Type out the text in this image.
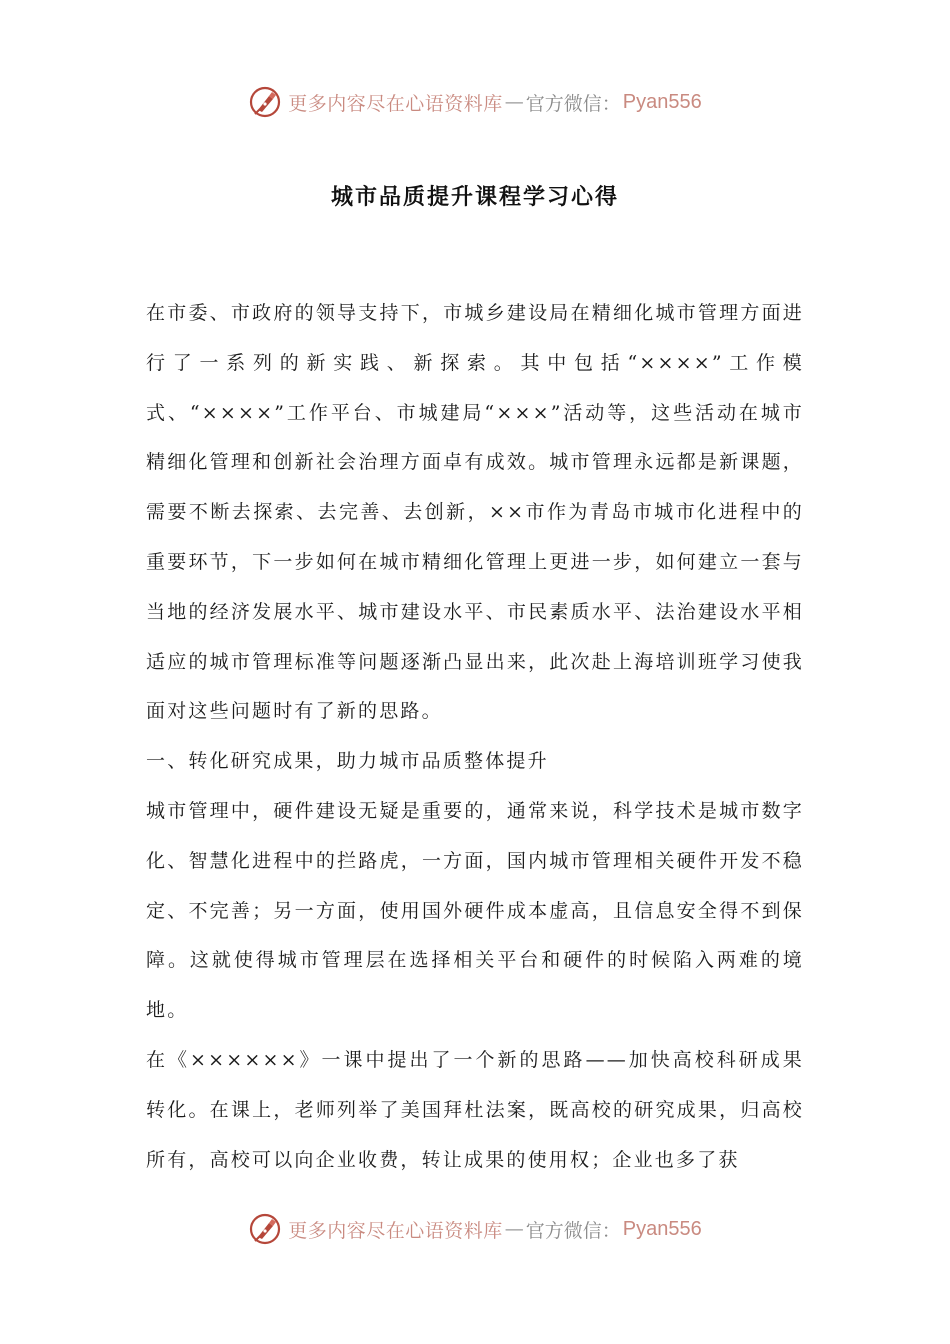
更多内容尽在心语资料库 — 官方微信： Pyan556
城市品质提升课程学习心得

在市委、市政府的领导支持下，市城乡建设局在精细化城市管理方面进行了一系列的新实践、新探索。其中包括“××××”工作模式、“××××”工作平台、市城建局“×××”活动等，这些活动在城市精细化管理和创新社会治理方面卓有成效。城市管理永远都是新课题，需要不断去探索、去完善、去创新，××市作为青岛市城市化进程中的重要环节，下一步如何在城市精细化管理上更进一步，如何建立一套与当地的经济发展水平、城市建设水平、市民素质水平、法治建设水平相适应的城市管理标准等问题逐渐凸显出来，此次赴上海培训班学习使我面对这些问题时有了新的思路。

一、转化研究成果，助力城市品质整体提升

城市管理中，硬件建设无疑是重要的，通常来说，科学技术是城市数字化、智慧化进程中的拦路虎，一方面，国内城市管理相关硬件开发不稳定、不完善；另一方面，使用国外硬件成本虚高，且信息安全得不到保障。这就使得城市管理层在选择相关平台和硬件的时候陷入两难的境地。

在《××××××》一课中提出了一个新的思路——加快高校科研成果转化。在课上，老师列举了美国拜杜法案，既高校的研究成果，归高校所有，高校可以向企业收费，转让成果的使用权；企业也多了获

更多内容尽在心语资料库 — 官方微信： Pyan556
